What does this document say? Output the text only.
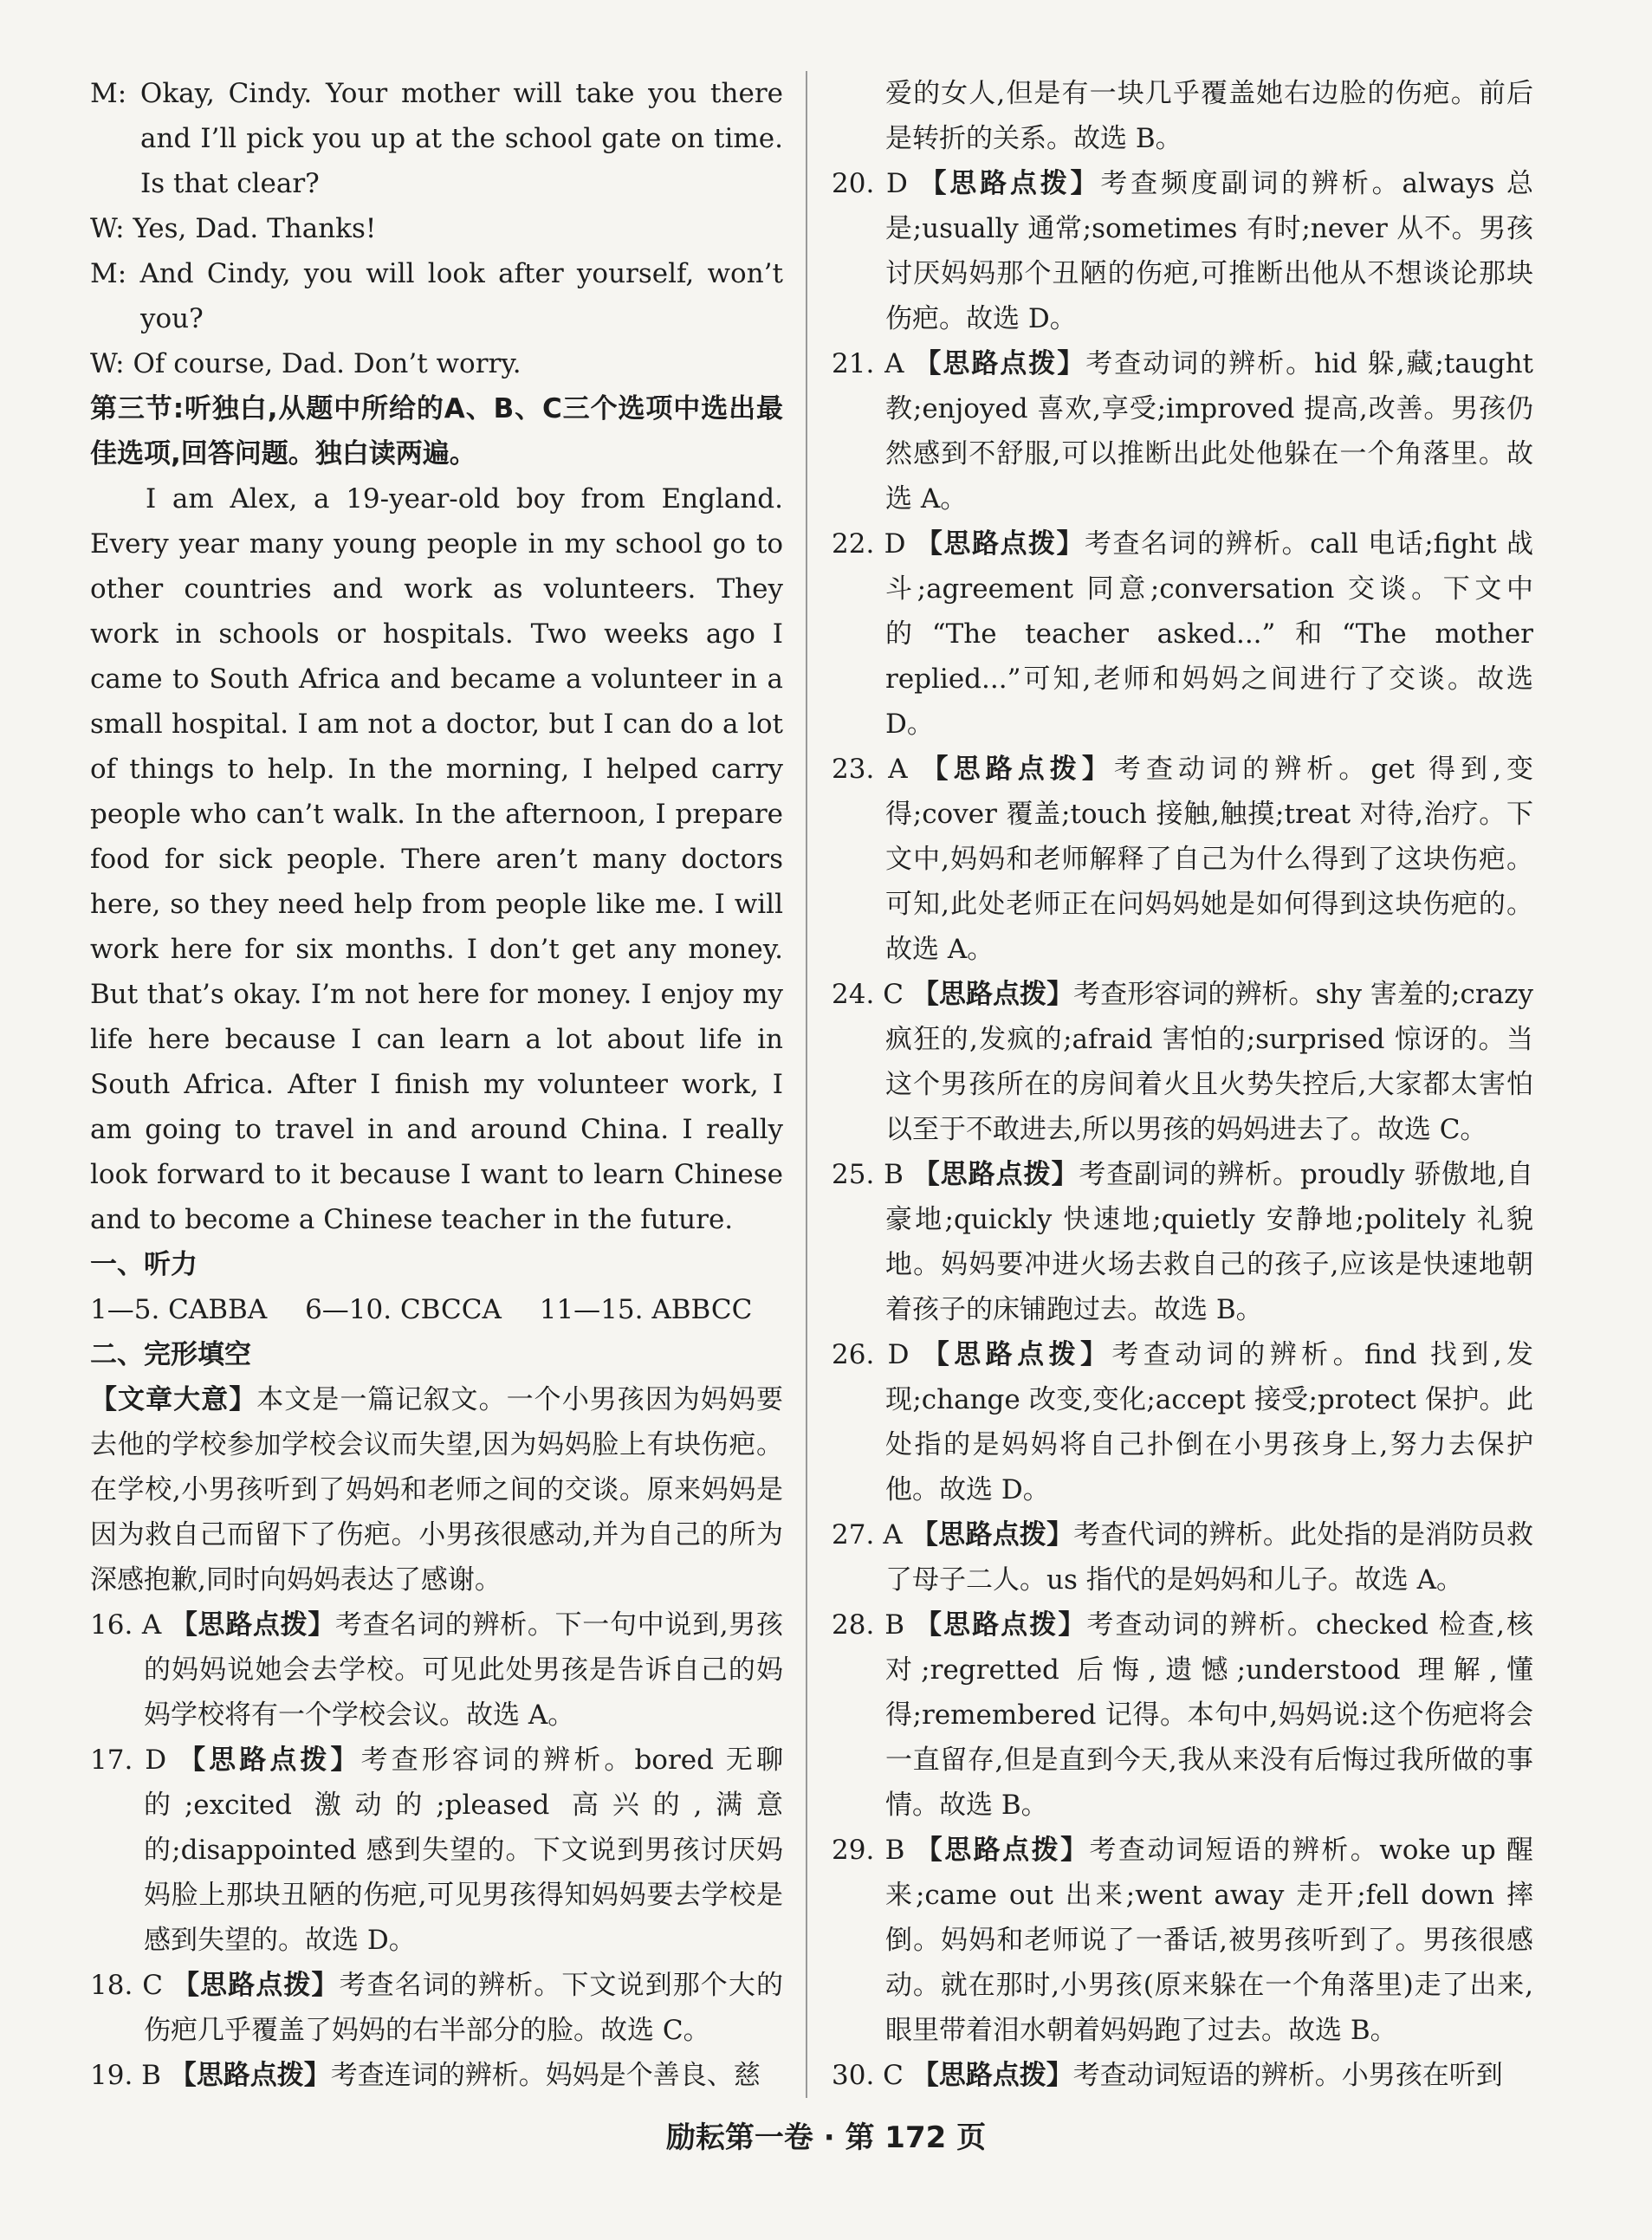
M: Okay, Cindy. Your mother will take you there and I’ll pick you up at the school gate on time. Is that clear?

W: Yes, Dad. Thanks!

M: And Cindy, you will look after yourself, won’t you?

W: Of course, Dad. Don’t worry.

第三节:听独白,从题中所给的A、B、C三个选项中选出最佳选项,回答问题。独白读两遍。

I am Alex, a 19-year-old boy from England. Every year many young people in my school go to other countries and work as volunteers. They work in schools or hospitals. Two weeks ago I came to South Africa and became a volunteer in a small hospital. I am not a doctor, but I can do a lot of things to help. In the morning, I helped carry people who can’t walk. In the afternoon, I prepare food for sick people. There aren’t many doctors here, so they need help from people like me. I will work here for six months. I don’t get any money. But that’s okay. I’m not here for money. I enjoy my life here because I can learn a lot about life in South Africa. After I finish my volunteer work, I am going to travel in and around China. I really look forward to it because I want to learn Chinese and to become a Chinese teacher in the future.

一、听力

1—5. CABBA 6—10. CBCCA 11—15. ABBCC

二、完形填空

【文章大意】本文是一篇记叙文。一个小男孩因为妈妈要去他的学校参加学校会议而失望,因为妈妈脸上有块伤疤。在学校,小男孩听到了妈妈和老师之间的交谈。原来妈妈是因为救自己而留下了伤疤。小男孩很感动,并为自己的所为深感抱歉,同时向妈妈表达了感谢。

16. A 【思路点拨】考查名词的辨析。下一句中说到,男孩的妈妈说她会去学校。可见此处男孩是告诉自己的妈妈学校将有一个学校会议。故选 A。

17. D 【思路点拨】考查形容词的辨析。bored 无聊的;excited 激动的;pleased 高兴的,满意的;disappointed 感到失望的。下文说到男孩讨厌妈妈脸上那块丑陋的伤疤,可见男孩得知妈妈要去学校是感到失望的。故选 D。

18. C 【思路点拨】考查名词的辨析。下文说到那个大的伤疤几乎覆盖了妈妈的右半部分的脸。故选 C。

19. B 【思路点拨】考查连词的辨析。妈妈是个善良、慈

爱的女人,但是有一块几乎覆盖她右边脸的伤疤。前后是转折的关系。故选 B。

20. D 【思路点拨】考查频度副词的辨析。always 总是;usually 通常;sometimes 有时;never 从不。男孩讨厌妈妈那个丑陋的伤疤,可推断出他从不想谈论那块伤疤。故选 D。

21. A 【思路点拨】考查动词的辨析。hid 躲,藏;taught 教;enjoyed 喜欢,享受;improved 提高,改善。男孩仍然感到不舒服,可以推断出此处他躲在一个角落里。故选 A。

22. D 【思路点拨】考查名词的辨析。call 电话;fight 战斗;agreement 同意;conversation 交谈。下文中的“The teacher asked...”和“The mother replied...”可知,老师和妈妈之间进行了交谈。故选 D。

23. A 【思路点拨】考查动词的辨析。get 得到,变得;cover 覆盖;touch 接触,触摸;treat 对待,治疗。下文中,妈妈和老师解释了自己为什么得到了这块伤疤。可知,此处老师正在问妈妈她是如何得到这块伤疤的。故选 A。

24. C 【思路点拨】考查形容词的辨析。shy 害羞的;crazy 疯狂的,发疯的;afraid 害怕的;surprised 惊讶的。当这个男孩所在的房间着火且火势失控后,大家都太害怕以至于不敢进去,所以男孩的妈妈进去了。故选 C。

25. B 【思路点拨】考查副词的辨析。proudly 骄傲地,自豪地;quickly 快速地;quietly 安静地;politely 礼貌地。妈妈要冲进火场去救自己的孩子,应该是快速地朝着孩子的床铺跑过去。故选 B。

26. D 【思路点拨】考查动词的辨析。find 找到,发现;change 改变,变化;accept 接受;protect 保护。此处指的是妈妈将自己扑倒在小男孩身上,努力去保护他。故选 D。

27. A 【思路点拨】考查代词的辨析。此处指的是消防员救了母子二人。us 指代的是妈妈和儿子。故选 A。

28. B 【思路点拨】考查动词的辨析。checked 检查,核对;regretted 后悔,遗憾;understood 理解,懂得;remembered 记得。本句中,妈妈说:这个伤疤将会一直留存,但是直到今天,我从来没有后悔过我所做的事情。故选 B。

29. B 【思路点拨】考查动词短语的辨析。woke up 醒来;came out 出来;went away 走开;fell down 摔倒。妈妈和老师说了一番话,被男孩听到了。男孩很感动。就在那时,小男孩(原来躲在一个角落里)走了出来,眼里带着泪水朝着妈妈跑了过去。故选 B。

30. C 【思路点拨】考查动词短语的辨析。小男孩在听到

励耘第一卷 · 第 172 页
